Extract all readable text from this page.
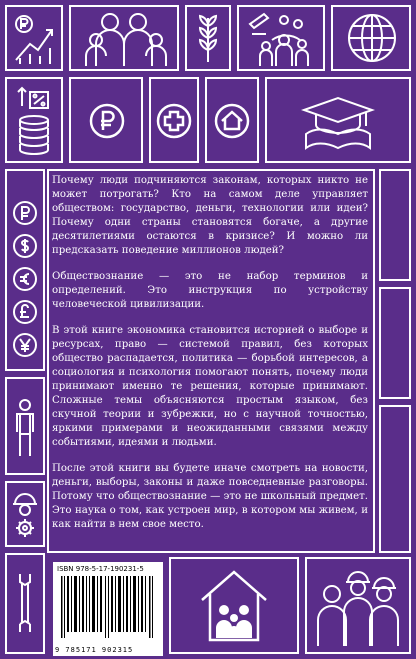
Почему люди подчиняются законам, которых никто не может потрогать? Кто на самом деле управляет обществом: государство, деньги, технологии или идеи? Почему одни страны становятся богаче, а другие десятилетиями остаются в кризисе? И можно ли предсказать поведение миллионов людей?

Обществознание — это не набор терминов и определений. Это инструкция по устройству человеческой цивилизации.

В этой книге экономика становится историей о выборе и ресурсах, право — системой правил, без которых общество распадается, политика — борьбой интересов, а социология и психология помогают понять, почему люди принимают именно те решения, которые принимают. Сложные темы объясняются простым языком, без скучной теории и зубрежки, но с научной точностью, яркими примерами и неожиданными связями между событиями, идеями и людьми.

После этой книги вы будете иначе смотреть на новости, деньги, выборы, законы и даже повседневные разговоры. Потому что обществознание — это не школьный предмет. Это наука о том, как устроен мир, в котором мы живем, и как найти в нем свое место.

ISBN 978-5-17-190231-5
9 785171 902315
